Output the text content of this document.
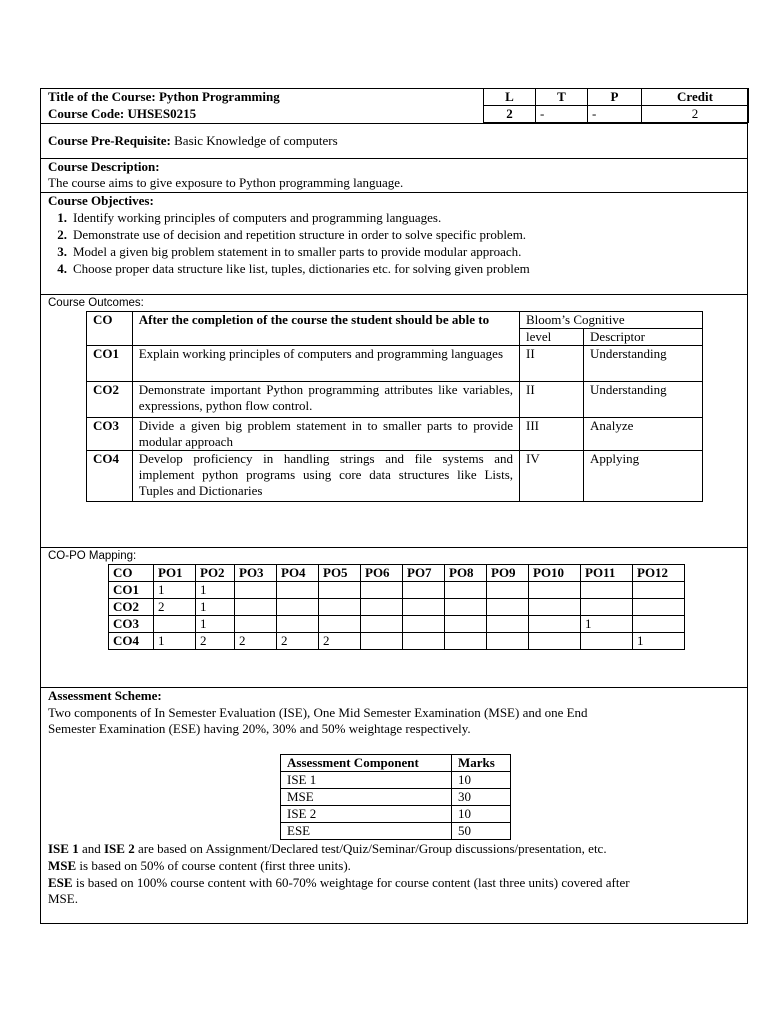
Title of the Course: Python Programming
Course Code: UHSES0215
L	T	P	Credit
2	-	-	2
Course Pre-Requisite: Basic Knowledge of computers
Course Description:
The course aims to give exposure to Python programming language.
Course Objectives:
1. Identify working principles of computers and programming languages.
2. Demonstrate use of decision and repetition structure in order to solve specific problem.
3. Model a given big problem statement in to smaller parts to provide modular approach.
4. Choose proper data structure like list, tuples, dictionaries etc. for solving given problem
Course Outcomes:
CO	After the completion of the course the student should be able to	Bloom’s Cognitive	
		level	Descriptor
CO1	Explain working principles of computers and programming languages	II	Understanding
CO2	Demonstrate important Python programming attributes like variables, expressions, python flow control.	II	Understanding
CO3	Divide a given big problem statement in to smaller parts to provide modular approach	III	Analyze
CO4	Develop proficiency in handling strings and file systems and implement python programs using core data structures like Lists, Tuples and Dictionaries	IV	Applying
CO-PO Mapping:
CO	PO1	PO2	PO3	PO4	PO5	PO6	PO7	PO8	PO9	PO10	PO11	PO12
CO1	1	1										
CO2	2	1										
CO3		1									1	
CO4	1	2	2	2	2							1
Assessment Scheme:
Two components of In Semester Evaluation (ISE), One Mid Semester Examination (MSE) and one End
Semester Examination (ESE) having 20%, 30% and 50% weightage respectively.
Assessment Component	Marks
ISE 1	10
MSE	30
ISE 2	10
ESE	50
ISE 1 and ISE 2 are based on Assignment/Declared test/Quiz/Seminar/Group discussions/presentation, etc.
MSE is based on 50% of course content (first three units).
ESE is based on 100% course content with 60-70% weightage for course content (last three units) covered after
MSE.
